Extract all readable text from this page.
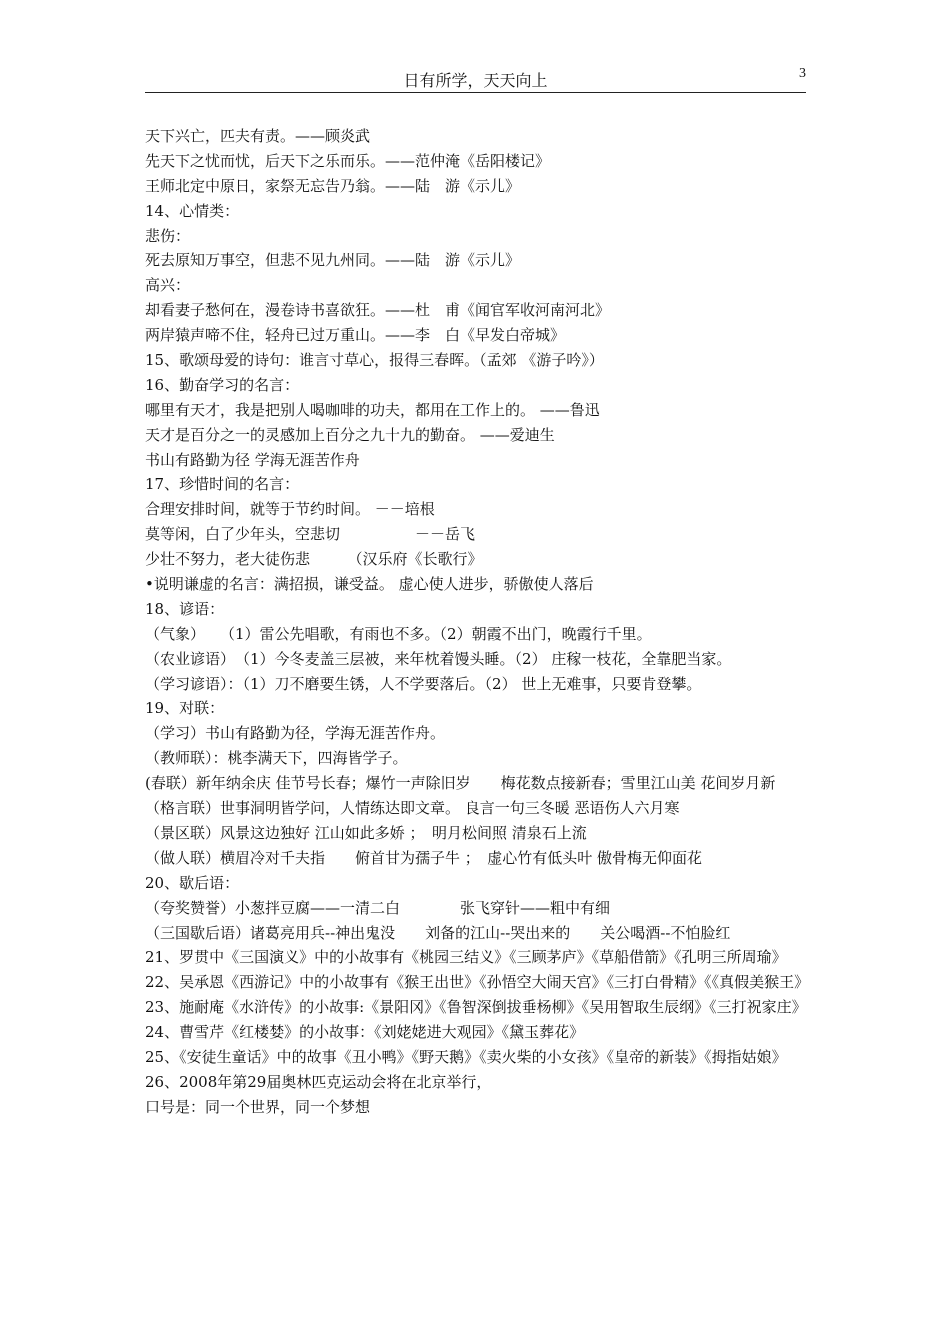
日有所学，天天向上	3
天下兴亡，匹夫有责。——顾炎武
先天下之忧而忧，后天下之乐而乐。——范仲淹《岳阳楼记》
王师北定中原日，家祭无忘告乃翁。——陆　游《示儿》
14、心情类：
悲伤：
死去原知万事空，但悲不见九州同。——陆　游《示儿》
高兴：
却看妻子愁何在，漫卷诗书喜欲狂。——杜　甫《闻官军收河南河北》
两岸猿声啼不住，轻舟已过万重山。——李　白《早发白帝城》
15、歌颂母爱的诗句：谁言寸草心，报得三春晖。（孟郊 《游子吟》）
16、勤奋学习的名言：
哪里有天才，我是把别人喝咖啡的功夫，都用在工作上的。 ——鲁迅
天才是百分之一的灵感加上百分之九十九的勤奋。 ——爱迪生
书山有路勤为径 学海无涯苦作舟
17、珍惜时间的名言：
合理安排时间，就等于节约时间。 －－培根
莫等闲，白了少年头，空悲切　　　　　－－岳飞
少壮不努力，老大徒伤悲　　　（汉乐府《长歌行》
•说明谦虚的名言：满招损，谦受益。 虚心使人进步，骄傲使人落后
18、谚语：
（气象）　　（1）雷公先唱歌，有雨也不多。（2）朝霞不出门，晚霞行千里。
（农业谚语）　（1）今冬麦盖三层被，来年枕着馒头睡。（2） 庄稼一枝花，全靠肥当家。
（学习谚语）：（1）刀不磨要生锈，人不学要落后。（2） 世上无难事，只要肯登攀。
19、对联：
（学习）书山有路勤为径，学海无涯苦作舟。
（教师联）：桃李满天下，四海皆学子。
(春联）新年纳余庆 佳节号长春；爆竹一声除旧岁　　梅花数点接新春；雪里江山美 花间岁月新
（格言联）世事洞明皆学问，人情练达即文章。 良言一句三冬暖 恶语伤人六月寒
（景区联）风景这边独好 江山如此多娇 ；　明月松间照 清泉石上流
（做人联）横眉冷对千夫指　　俯首甘为孺子牛 ；　虚心竹有低头叶 傲骨梅无仰面花
20、歇后语：
（夸奖赞誉）小葱拌豆腐——一清二白　　　　张飞穿针——粗中有细
（三国歇后语）诸葛亮用兵--神出鬼没　　刘备的江山--哭出来的　　关公喝酒--不怕脸红
21、罗贯中《三国演义》中的小故事有《桃园三结义》《三顾茅庐》《草船借箭》《孔明三所周瑜》
22、吴承恩《西游记》中的小故事有《猴王出世》《孙悟空大闹天宫》《三打白骨精》《《真假美猴王》
23、施耐庵《水浒传》的小故事:《景阳冈》《鲁智深倒拔垂杨柳》《吴用智取生辰纲》《三打祝家庄》
24、曹雪芹《红楼婪》的小故事：《刘姥姥进大观园》《黛玉葬花》
25、《安徒生童话》中的故事《丑小鸭》《野天鹅》《卖火柴的小女孩》《皇帝的新装》《拇指姑娘》
26、2008年第29届奥林匹克运动会将在北京举行，
口号是：同一个世界，同一个梦想
